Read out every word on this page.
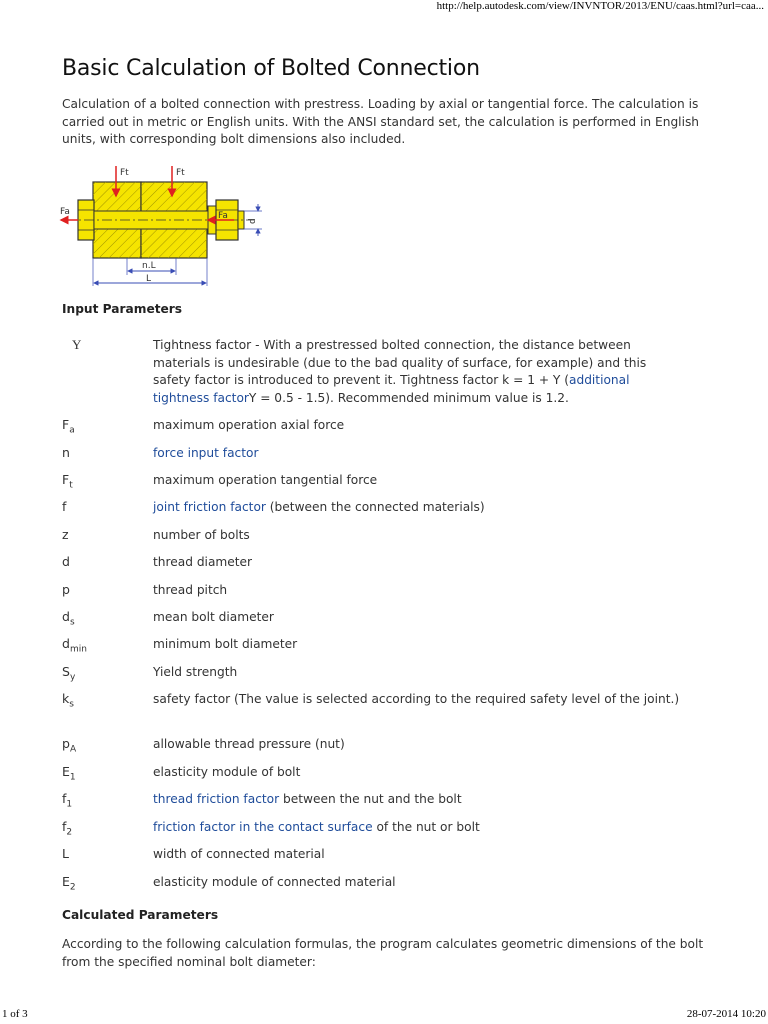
http://help.autodesk.com/view/INVNTOR/2013/ENU/caas.html?url=caa...
Basic Calculation of Bolted Connection

Calculation of a bolted connection with prestress. Loading by axial or tangential force. The calculation is carried out in metric or English units. With the ANSI standard set, the calculation is performed in English units, with corresponding bolt dimensions also included.

Ft	Ft
Fa	Fa
d
n.L
L
Input Parameters
Y	Tightness factor - With a prestressed bolted connection, the distance between materials is undesirable (due to the bad quality of surface, for example) and this safety factor is introduced to prevent it. Tightness factor k = 1 + Y (additional tightness factorY = 0.5 - 1.5). Recommended minimum value is 1.2.
$F_a$	maximum operation axial force
n	force input factor
$F_t$	maximum operation tangential force
f	joint friction factor (between the connected materials)
z	number of bolts
d	thread diameter
p	thread pitch
$d_s$	mean bolt diameter
$d_{min}$	minimum bolt diameter
$S_y$	Yield strength
$k_s$	safety factor (The value is selected according to the required safety level of the joint.)
$p_A$	allowable thread pressure (nut)
$E_1$	elasticity module of bolt
$f_1$	thread friction factor between the nut and the bolt
$f_2$	friction factor in the contact surface of the nut or bolt
L	width of connected material
$E_2$	elasticity module of connected material
Calculated Parameters

According to the following calculation formulas, the program calculates geometric dimensions of the bolt from the specified nominal bolt diameter:

1 of 3	28-07-2014 10:20
